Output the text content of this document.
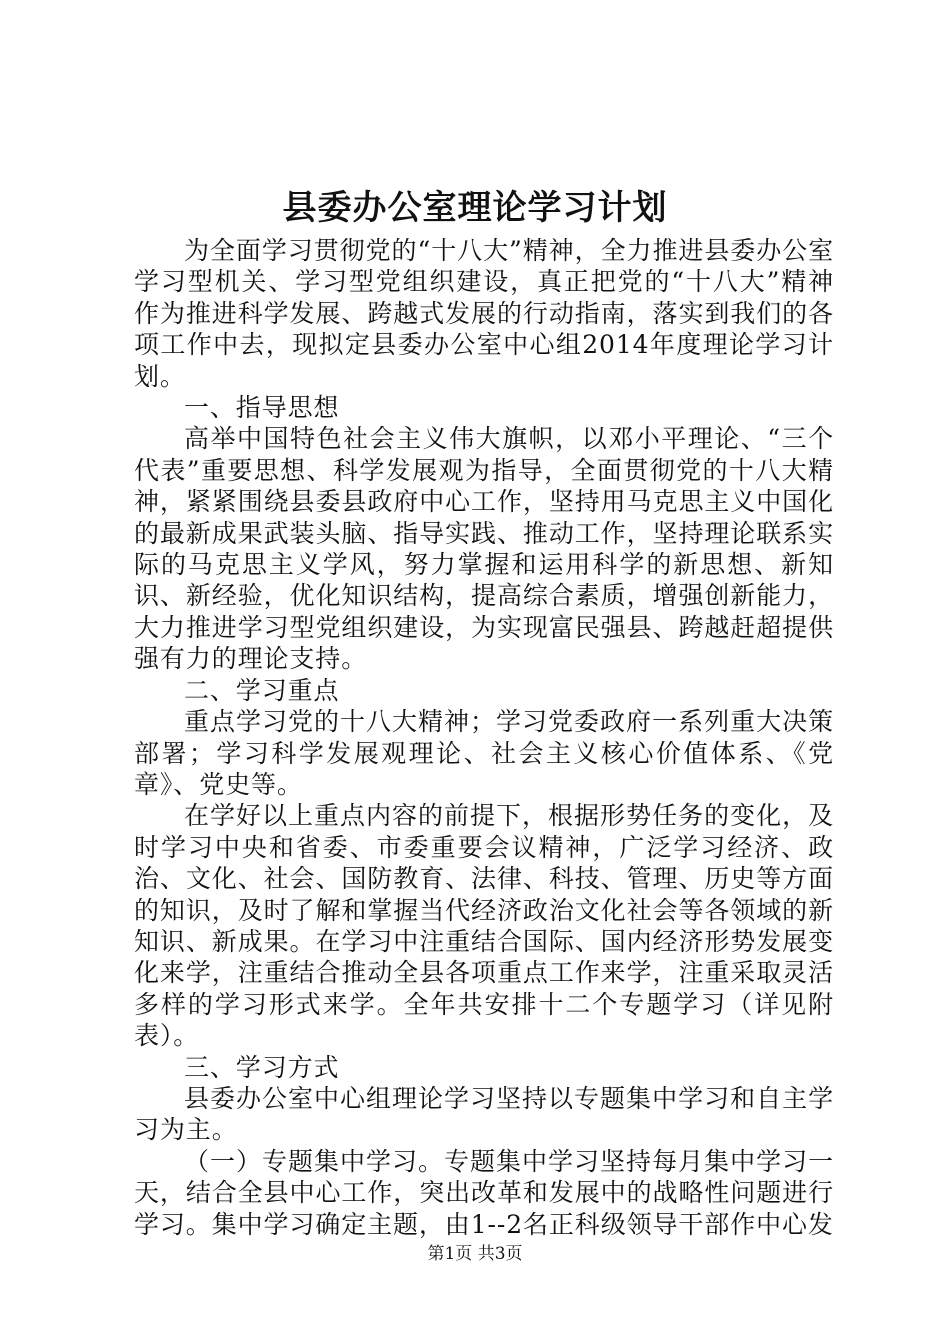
县委办公室理论学习计划

为全面学习贯彻党的“十八大”精神，全力推进县委办公室学习型机关、学习型党组织建设，真正把党的“十八大”精神作为推进科学发展、跨越式发展的行动指南，落实到我们的各项工作中去，现拟定县委办公室中心组2014年度理论学习计划。

一、指导思想

高举中国特色社会主义伟大旗帜，以邓小平理论、“三个代表”重要思想、科学发展观为指导，全面贯彻党的十八大精神，紧紧围绕县委县政府中心工作，坚持用马克思主义中国化的最新成果武装头脑、指导实践、推动工作，坚持理论联系实际的马克思主义学风，努力掌握和运用科学的新思想、新知识、新经验，优化知识结构，提高综合素质，增强创新能力，大力推进学习型党组织建设，为实现富民强县、跨越赶超提供强有力的理论支持。

二、学习重点

重点学习党的十八大精神；学习党委政府一系列重大决策部署；学习科学发展观理论、社会主义核心价值体系、《党章》、党史等。

在学好以上重点内容的前提下，根据形势任务的变化，及时学习中央和省委、市委重要会议精神，广泛学习经济、政治、文化、社会、国防教育、法律、科技、管理、历史等方面的知识，及时了解和掌握当代经济政治文化社会等各领域的新知识、新成果。在学习中注重结合国际、国内经济形势发展变化来学，注重结合推动全县各项重点工作来学，注重采取灵活多样的学习形式来学。全年共安排十二个专题学习（详见附表）。

三、学习方式

县委办公室中心组理论学习坚持以专题集中学习和自主学习为主。

（一）专题集中学习。专题集中学习坚持每月集中学习一天，结合全县中心工作，突出改革和发展中的战略性问题进行学习。集中学习确定主题，由1--2名正科级领导干部作中心发

第1页 共3页
